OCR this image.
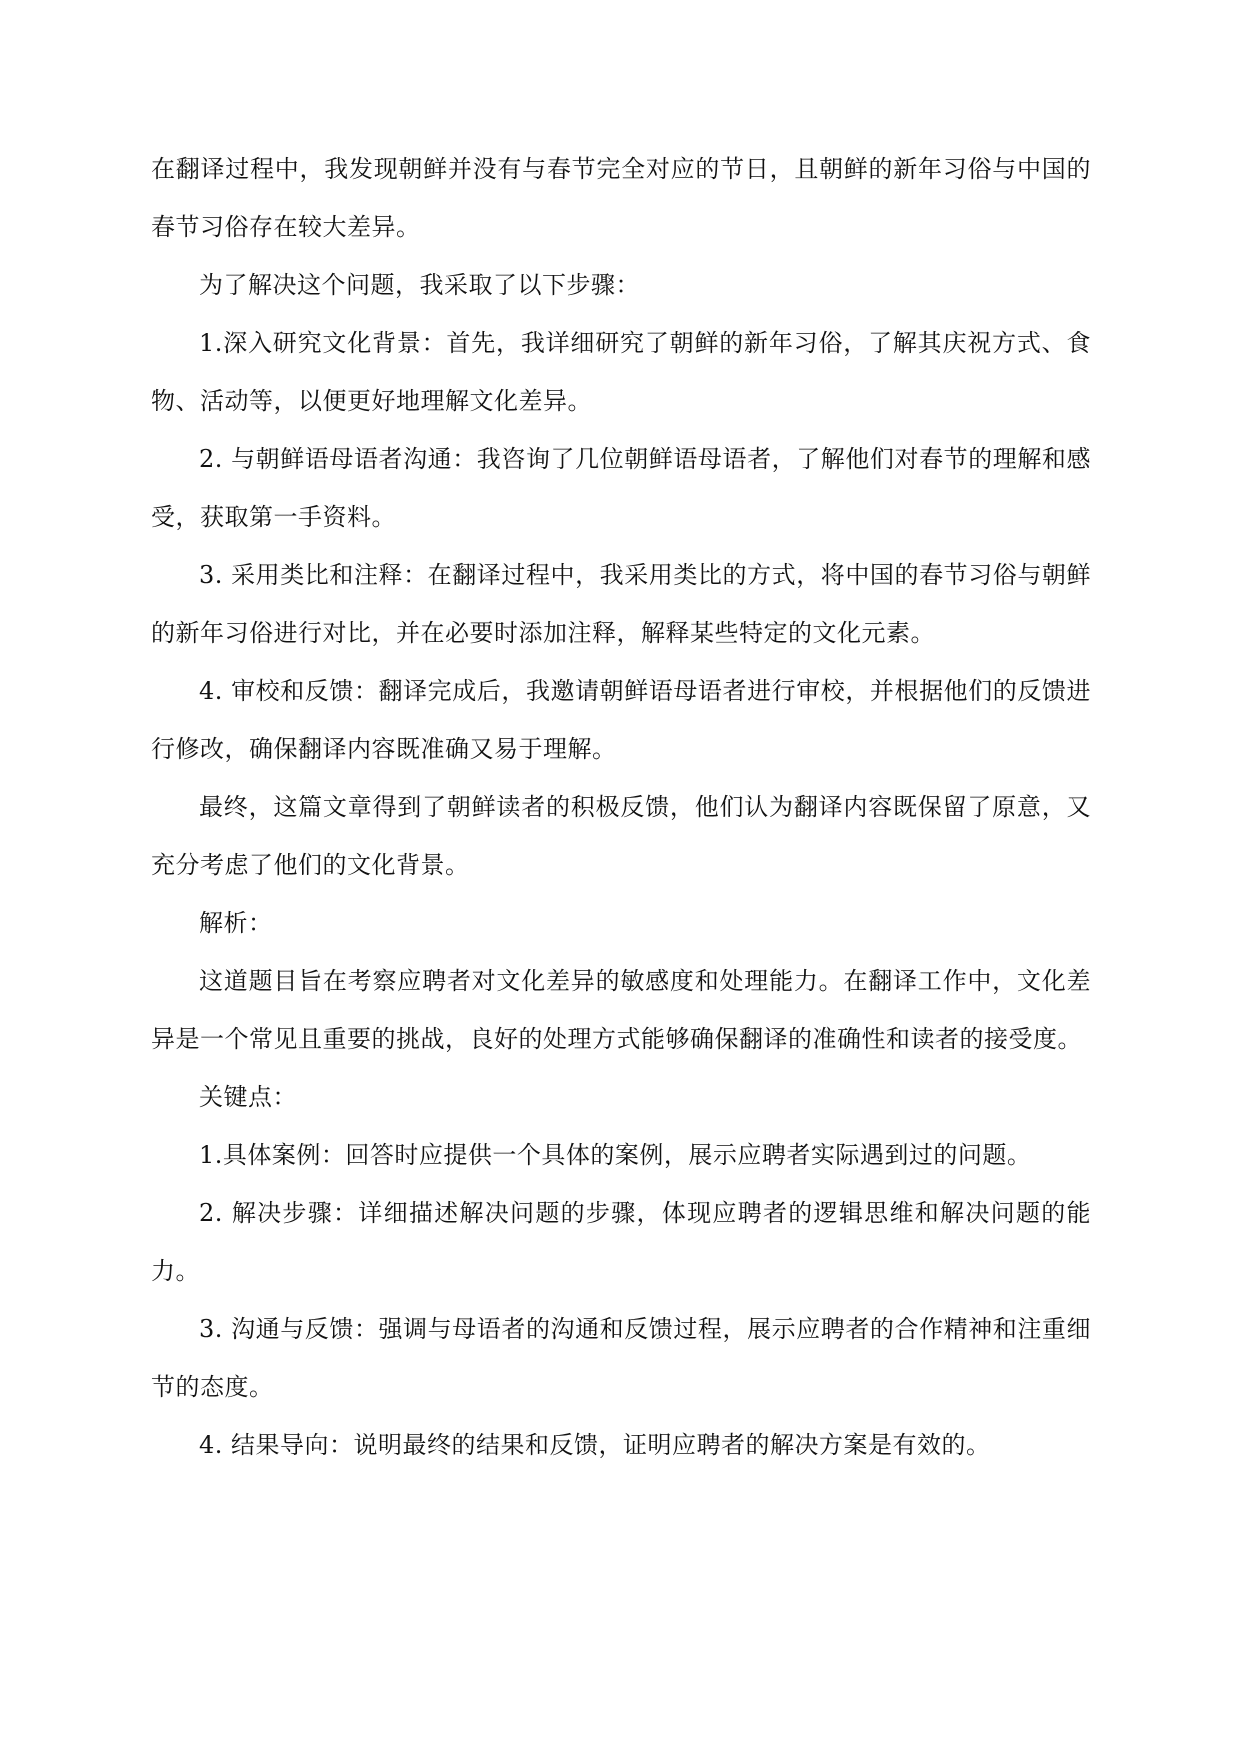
在翻译过程中，我发现朝鲜并没有与春节完全对应的节日，且朝鲜的新年习俗与中国的春节习俗存在较大差异。

为了解决这个问题，我采取了以下步骤：

1.深入研究文化背景：首先，我详细研究了朝鲜的新年习俗，了解其庆祝方式、食物、活动等，以便更好地理解文化差异。

2. 与朝鲜语母语者沟通：我咨询了几位朝鲜语母语者，了解他们对春节的理解和感受，获取第一手资料。

3. 采用类比和注释：在翻译过程中，我采用类比的方式，将中国的春节习俗与朝鲜的新年习俗进行对比，并在必要时添加注释，解释某些特定的文化元素。

4. 审校和反馈：翻译完成后，我邀请朝鲜语母语者进行审校，并根据他们的反馈进行修改，确保翻译内容既准确又易于理解。

最终，这篇文章得到了朝鲜读者的积极反馈，他们认为翻译内容既保留了原意，又充分考虑了他们的文化背景。

解析：

这道题目旨在考察应聘者对文化差异的敏感度和处理能力。在翻译工作中，文化差异是一个常见且重要的挑战，良好的处理方式能够确保翻译的准确性和读者的接受度。

关键点：

1.具体案例：回答时应提供一个具体的案例，展示应聘者实际遇到过的问题。

2. 解决步骤：详细描述解决问题的步骤，体现应聘者的逻辑思维和解决问题的能力。

3. 沟通与反馈：强调与母语者的沟通和反馈过程，展示应聘者的合作精神和注重细节的态度。

4. 结果导向：说明最终的结果和反馈，证明应聘者的解决方案是有效的。
